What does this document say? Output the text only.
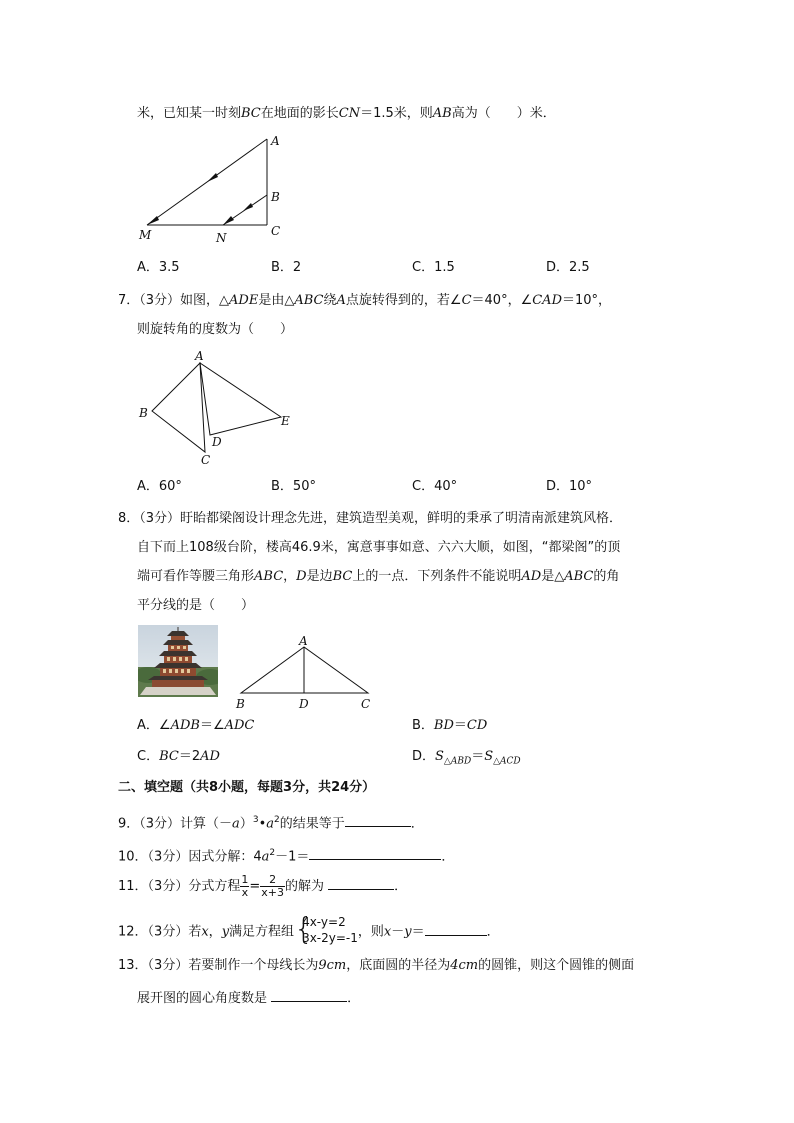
米，已知某一时刻BC在地面的影长CN＝1.5米，则AB高为（　　）米．
A
B
C
M	N
A．3.5	B．2	C．1.5	D．2.5
7．（3分）如图，△ADE是由△ABC绕A点旋转得到的，若∠C＝40°，∠CAD＝10°，
则旋转角的度数为（　　）
A
B
C
D
E
A．60°	B．50°	C．40°	D．10°
8．（3分）盱眙都梁阁设计理念先进，建筑造型美观，鲜明的秉承了明清南派建筑风格．
自下而上108级台阶，楼高46.9米，寓意事事如意、六六大顺，如图，“都梁阁”的顶
端可看作等腰三角形ABC，D是边BC上的一点．下列条件不能说明AD是△ABC的角
平分线的是（　　）
A
B	D	C
A．∠ADB＝∠ADC	B．BD＝CD
C．BC＝2AD	D．$S_{\triangle ABD}=S_{\triangle ACD}$
二、填空题（共8小题，每题3分，共24分）
9．（3分）计算$(-a)^3•a^2$的结果等于	．
10．（3分）因式分解：$4a^2-1=$	．
11．（3分）分式方程 $\frac{1}{x} = \frac{2}{x+3}$ 的解为	．
12．（3分）若x，y满足方程组 {
4x-y=2
3x-2y=-1 ，则x－y＝	．
13．（3分）若要制作一个母线长为9cm，底面圆的半径为4cm的圆锥，则这个圆锥的侧面
展开图的圆心角度数是	．
